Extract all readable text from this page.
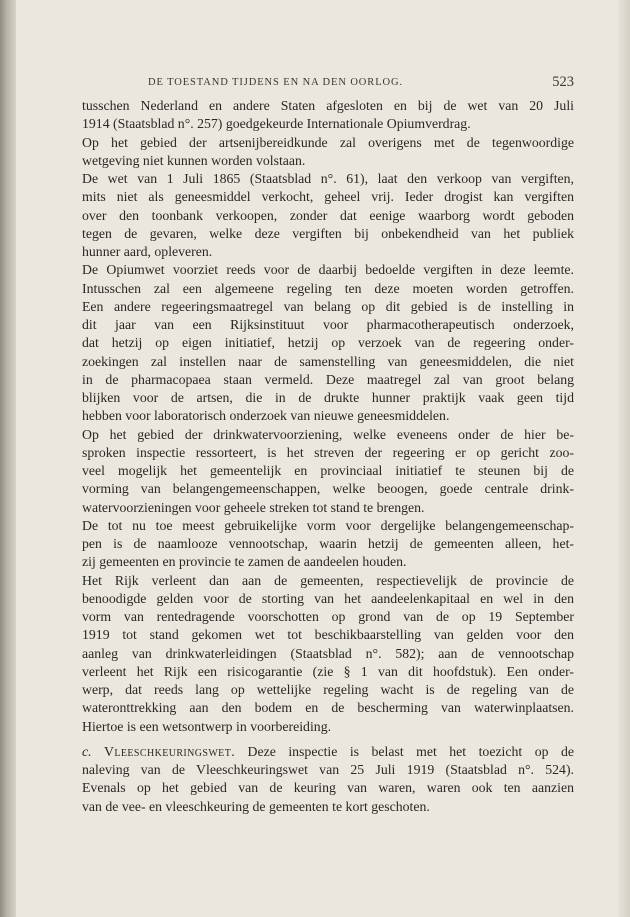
DE TOESTAND TIJDENS EN NA DEN OORLOG.	523
tusschen Nederland en andere Staten afgesloten en bij de wet van 20 Juli
1914 (Staatsblad n°. 257) goedgekeurde Internationale Opiumverdrag.
Op het gebied der artsenijbereidkunde zal overigens met de tegenwoordige
wetgeving niet kunnen worden volstaan.
De wet van 1 Juli 1865 (Staatsblad n°. 61), laat den verkoop van vergiften,
mits niet als geneesmiddel verkocht, geheel vrij. Ieder drogist kan vergiften
over den toonbank verkoopen, zonder dat eenige waarborg wordt geboden
tegen de gevaren, welke deze vergiften bij onbekendheid van het publiek
hunner aard, opleveren.
De Opiumwet voorziet reeds voor de daarbij bedoelde vergiften in deze leemte.
Intusschen zal een algemeene regeling ten deze moeten worden getroffen.
Een andere regeeringsmaatregel van belang op dit gebied is de instelling in
dit jaar van een Rijksinstituut voor pharmacotherapeutisch onderzoek,
dat hetzij op eigen initiatief, hetzij op verzoek van de regeering onder-
zoekingen zal instellen naar de samenstelling van geneesmiddelen, die niet
in de pharmacopaea staan vermeld. Deze maatregel zal van groot belang
blijken voor de artsen, die in de drukte hunner praktijk vaak geen tijd
hebben voor laboratorisch onderzoek van nieuwe geneesmiddelen.
Op het gebied der drinkwatervoorziening, welke eveneens onder de hier be-
sproken inspectie ressorteert, is het streven der regeering er op gericht zoo-
veel mogelijk het gemeentelijk en provinciaal initiatief te steunen bij de
vorming van belangengemeenschappen, welke beoogen, goede centrale drink-
watervoorzieningen voor geheele streken tot stand te brengen.
De tot nu toe meest gebruikelijke vorm voor dergelijke belangengemeenschap-
pen is de naamlooze vennootschap, waarin hetzij de gemeenten alleen, het-
zij gemeenten en provincie te zamen de aandeelen houden.
Het Rijk verleent dan aan de gemeenten, respectievelijk de provincie de
benoodigde gelden voor de storting van het aandeelenkapitaal en wel in den
vorm van rentedragende voorschotten op grond van de op 19 September
1919 tot stand gekomen wet tot beschikbaarstelling van gelden voor den
aanleg van drinkwaterleidingen (Staatsblad n°. 582); aan de vennootschap
verleent het Rijk een risicogarantie (zie § 1 van dit hoofdstuk). Een onder-
werp, dat reeds lang op wettelijke regeling wacht is de regeling van de
wateronttrekking aan den bodem en de bescherming van waterwinplaatsen.
Hiertoe is een wetsontwerp in voorbereiding.
c. Vleeschkeuringswet. Deze inspectie is belast met het toezicht op de
naleving van de Vleeschkeuringswet van 25 Juli 1919 (Staatsblad n°. 524).
Evenals op het gebied van de keuring van waren, waren ook ten aanzien
van de vee- en vleeschkeuring de gemeenten te kort geschoten.
